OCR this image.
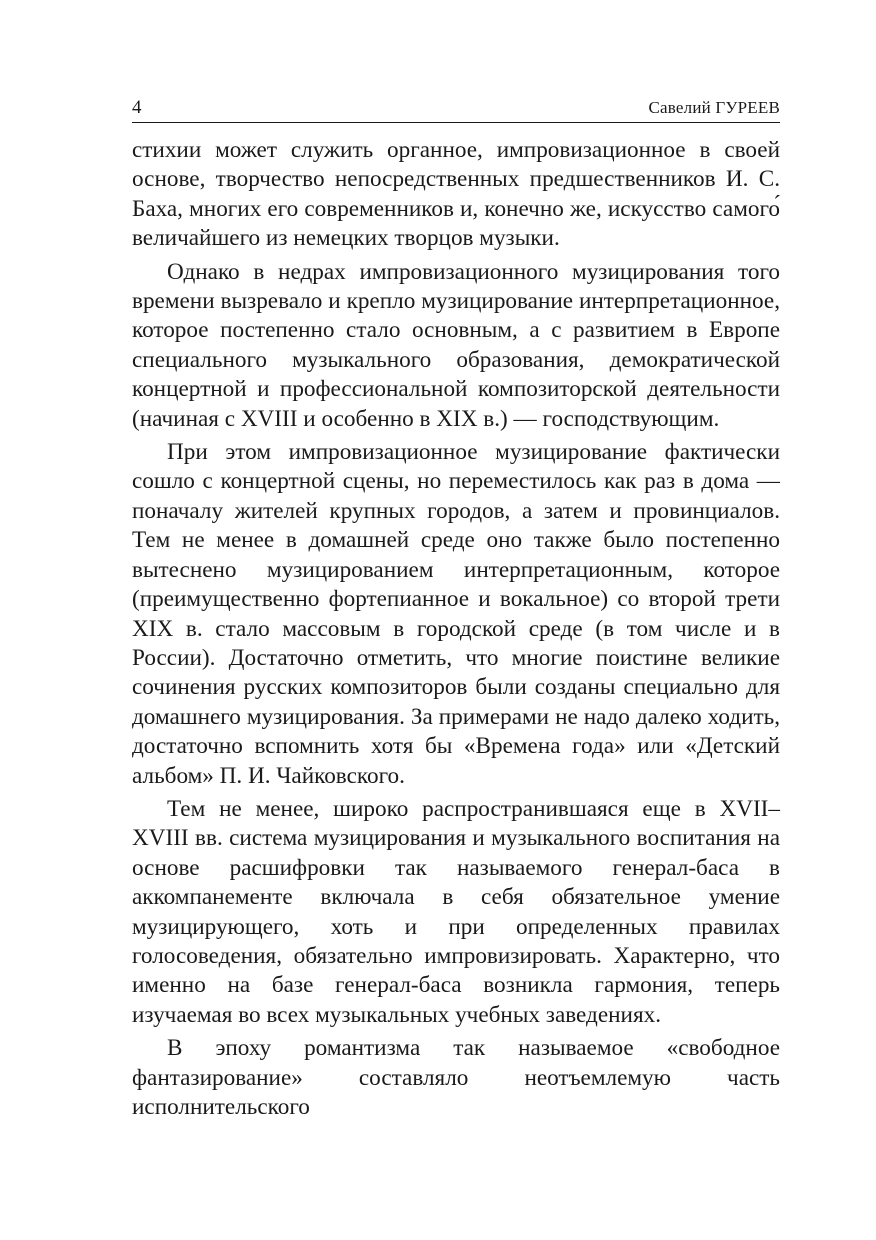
4	Савелий ГУРЕЕВ

стихии может служить органное, импровизационное в своей основе, творчество непосредственных предшественников И. С. Баха, многих его современников и, конечно же, искусство самого́ величайшего из немецких творцов музыки.

Однако в недрах импровизационного музицирования того времени вызревало и крепло музицирование интерпретационное, которое постепенно стало основным, а с развитием в Европе специального музыкального образования, демократической концертной и профессиональной композиторской деятельности (начиная с XVIII и особенно в XIX в.) — господствующим.

При этом импровизационное музицирование фактически сошло с концертной сцены, но переместилось как раз в дома — поначалу жителей крупных городов, а затем и провинциалов. Тем не менее в домашней среде оно также было постепенно вытеснено музицированием интерпретационным, которое (преимущественно фортепианное и вокальное) со второй трети XIX в. стало массовым в городской среде (в том числе и в России). Достаточно отметить, что многие поистине великие сочинения русских композиторов были созданы специально для домашнего музицирования. За примерами не надо далеко ходить, достаточно вспомнить хотя бы «Времена года» или «Детский альбом» П. И. Чайковского.

Тем не менее, широко распространившаяся еще в XVII–XVIII вв. система музицирования и музыкального воспитания на основе расшифровки так называемого генерал-баса в аккомпанементе включала в себя обязательное умение музицирующего, хоть и при определенных правилах голосоведения, обязательно импровизировать. Характерно, что именно на базе генерал-баса возникла гармония, теперь изучаемая во всех музыкальных учебных заведениях.

В эпоху романтизма так называемое «свободное фантазирование» составляло неотъемлемую часть исполнительского
